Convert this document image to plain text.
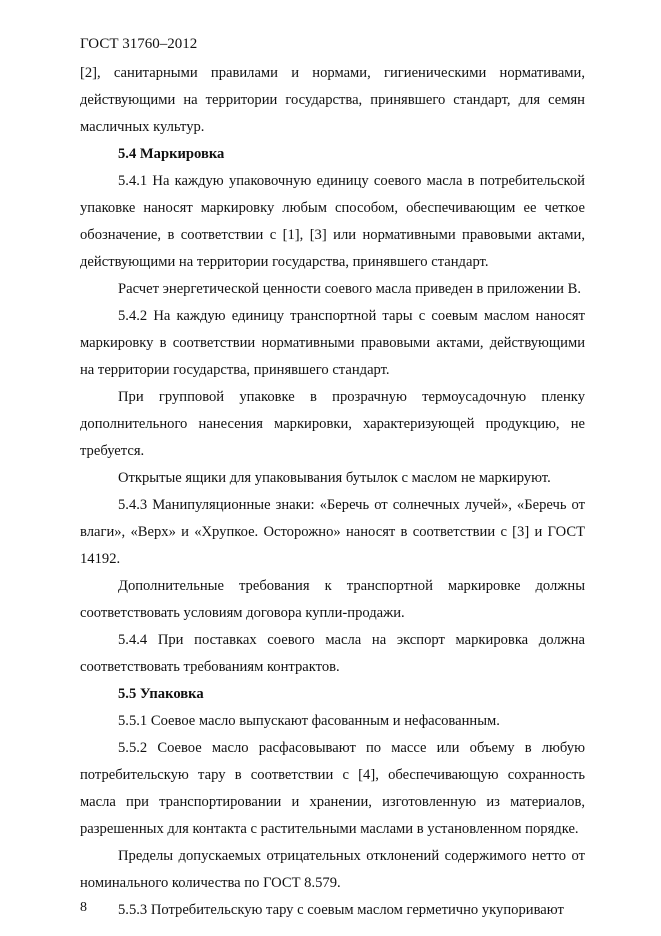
ГОСТ 31760–2012

[2], санитарными правилами и нормами, гигиеническими нормативами, действующими на территории государства, принявшего стандарт, для семян масличных культур.

5.4 Маркировка

5.4.1 На каждую упаковочную единицу соевого масла в потребительской упаковке наносят маркировку любым способом, обеспечивающим ее четкое обозначение, в соответствии с [1], [3] или нормативными правовыми актами, действующими на территории государства, принявшего стандарт.

Расчет энергетической ценности соевого масла приведен в приложении В.

5.4.2 На каждую единицу транспортной тары с соевым маслом наносят маркировку в соответствии нормативными правовыми актами, действующими на территории государства, принявшего стандарт.

При групповой упаковке в прозрачную термоусадочную пленку дополнительного нанесения маркировки, характеризующей продукцию, не требуется.

Открытые ящики для упаковывания бутылок с маслом не маркируют.

5.4.3 Манипуляционные знаки: «Беречь от солнечных лучей», «Беречь от влаги», «Верх» и «Хрупкое. Осторожно» наносят в соответствии с [3] и ГОСТ 14192.

Дополнительные требования к транспортной маркировке должны соответствовать условиям договора купли-продажи.

5.4.4 При поставках соевого масла на экспорт маркировка должна соответствовать требованиям контрактов.

5.5 Упаковка

5.5.1 Соевое масло выпускают фасованным и нефасованным.

5.5.2 Соевое масло расфасовывают по массе или объему в любую потребительскую тару в соответствии с [4], обеспечивающую сохранность масла при транспортировании и хранении, изготовленную из материалов, разрешенных для контакта с растительными маслами в установленном порядке.

Пределы допускаемых отрицательных отклонений содержимого нетто от номинального количества по ГОСТ 8.579.

5.5.3 Потребительскую тару с соевым маслом герметично укупоривают

8
